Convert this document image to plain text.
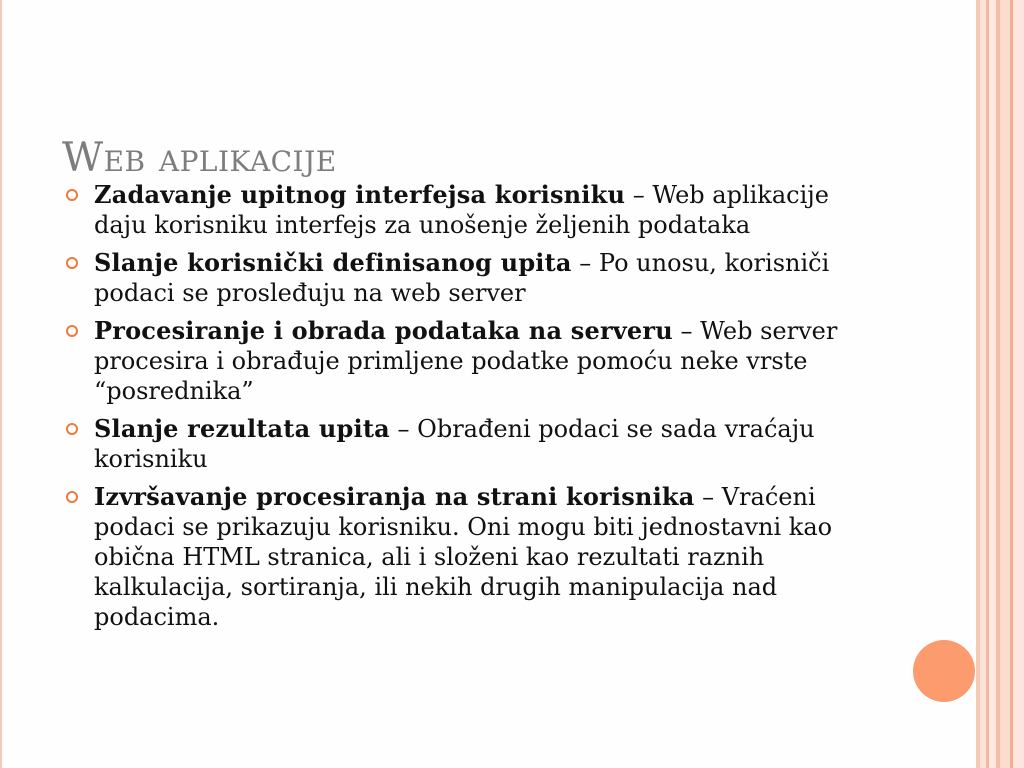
Web aplikacije
Zadavanje upitnog interfejsa korisniku – Web aplikacije daju korisniku interfejs za unošenje željenih podataka
Slanje korisnički definisanog upita – Po unosu, korisniči podaci se prosleđuju na web server
Procesiranje i obrada podataka na serveru – Web server procesira i obrađuje primljene podatke pomoću neke vrste “posrednika”
Slanje rezultata upita – Obrađeni podaci se sada vraćaju korisniku
Izvršavanje procesiranja na strani korisnika – Vraćeni podaci se prikazuju korisniku. Oni mogu biti jednostavni kao obična HTML stranica, ali i složeni kao rezultati raznih kalkulacija, sortiranja, ili nekih drugih manipulacija nad podacima.
